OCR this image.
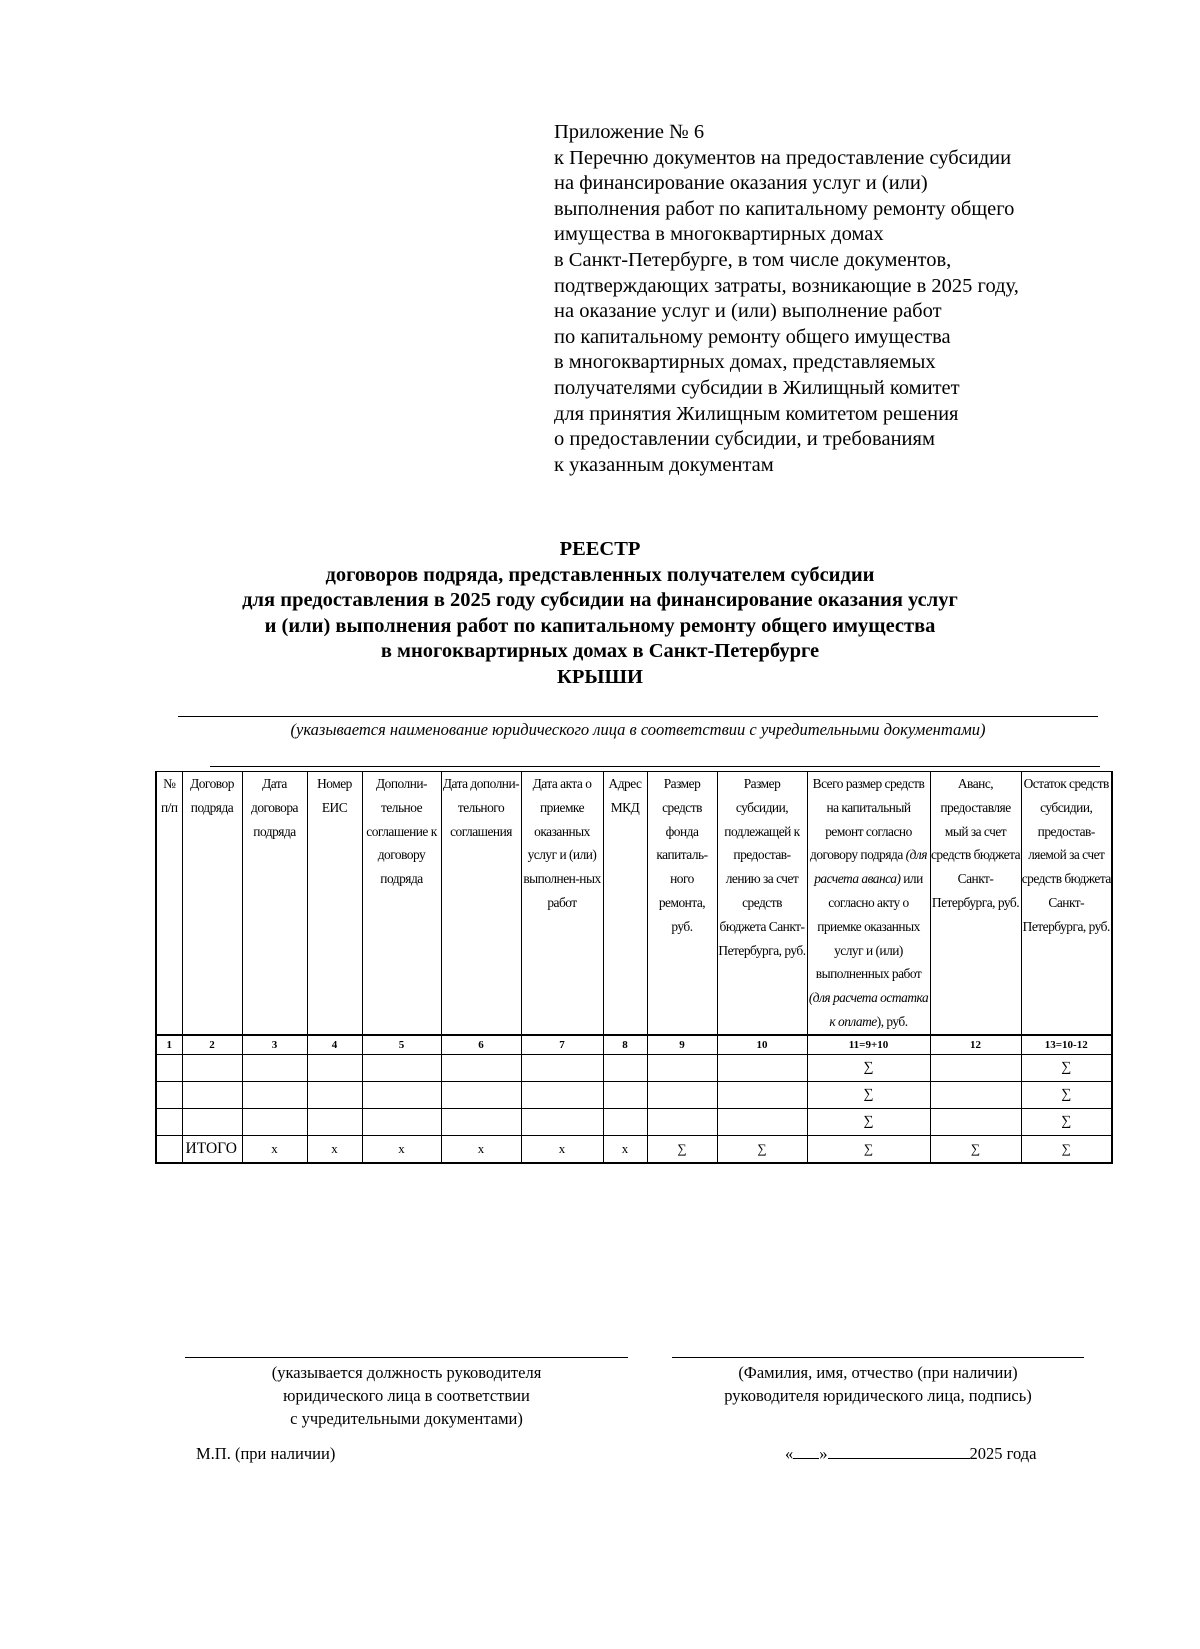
Приложение № 6
к Перечню документов на предоставление субсидии
на финансирование оказания услуг и (или)
выполнения работ по капитальному ремонту общего
имущества в многоквартирных домах
в Санкт-Петербурге, в том числе документов,
подтверждающих затраты, возникающие в 2025 году,
на оказание услуг и (или) выполнение работ
по капитальному ремонту общего имущества
в многоквартирных домах, представляемых
получателями субсидии в Жилищный комитет
для принятия Жилищным комитетом решения
о предоставлении субсидии, и требованиям
к указанным документам
РЕЕСТР
договоров подряда, представленных получателем субсидии
для предоставления в 2025 году субсидии на финансирование оказания услуг
и (или) выполнения работ по капитальному ремонту общего имущества
в многоквартирных домах в Санкт-Петербурге
КРЫШИ
(указывается наименование юридического лица в соответствии с учредительными документами)
№ п/п	Договор подряда	Дата договора подряда	Номер ЕИС	Дополни-тельное соглашение к договору подряда	Дата дополни-тельного соглашения	Дата акта о приемке оказанных услуг и (или) выполнен-ных работ	Адрес МКД	Размер средств фонда капиталь-ного ремонта, руб.	Размер субсидии, подлежащей к предостав-лению за счет средств бюджета Санкт-Петербурга, руб.	Всего размер средств на капитальный ремонт согласно договору подряда (для расчета аванса) или согласно акту о приемке оказанных услуг и (или) выполненных работ (для расчета остатка к оплате), руб.	Аванс, предоставляе мый за счет средств бюджета Санкт-Петербурга, руб.	Остаток средств субсидии, предостав-ляемой за счет средств бюджета Санкт-Петербурга, руб.
1	2	3	4	5	6	7	8	9	10	11=9+10	12	13=10-12
										∑		∑
										∑		∑
										∑		∑
	ИТОГО	x	x	x	x	x	x	∑	∑	∑	∑	∑
(указывается должность руководителя
юридического лица в соответствии
с учредительными документами)
(Фамилия, имя, отчество (при наличии)
руководителя юридического лица, подпись)
М.П. (при наличии)	« »	2025 года
